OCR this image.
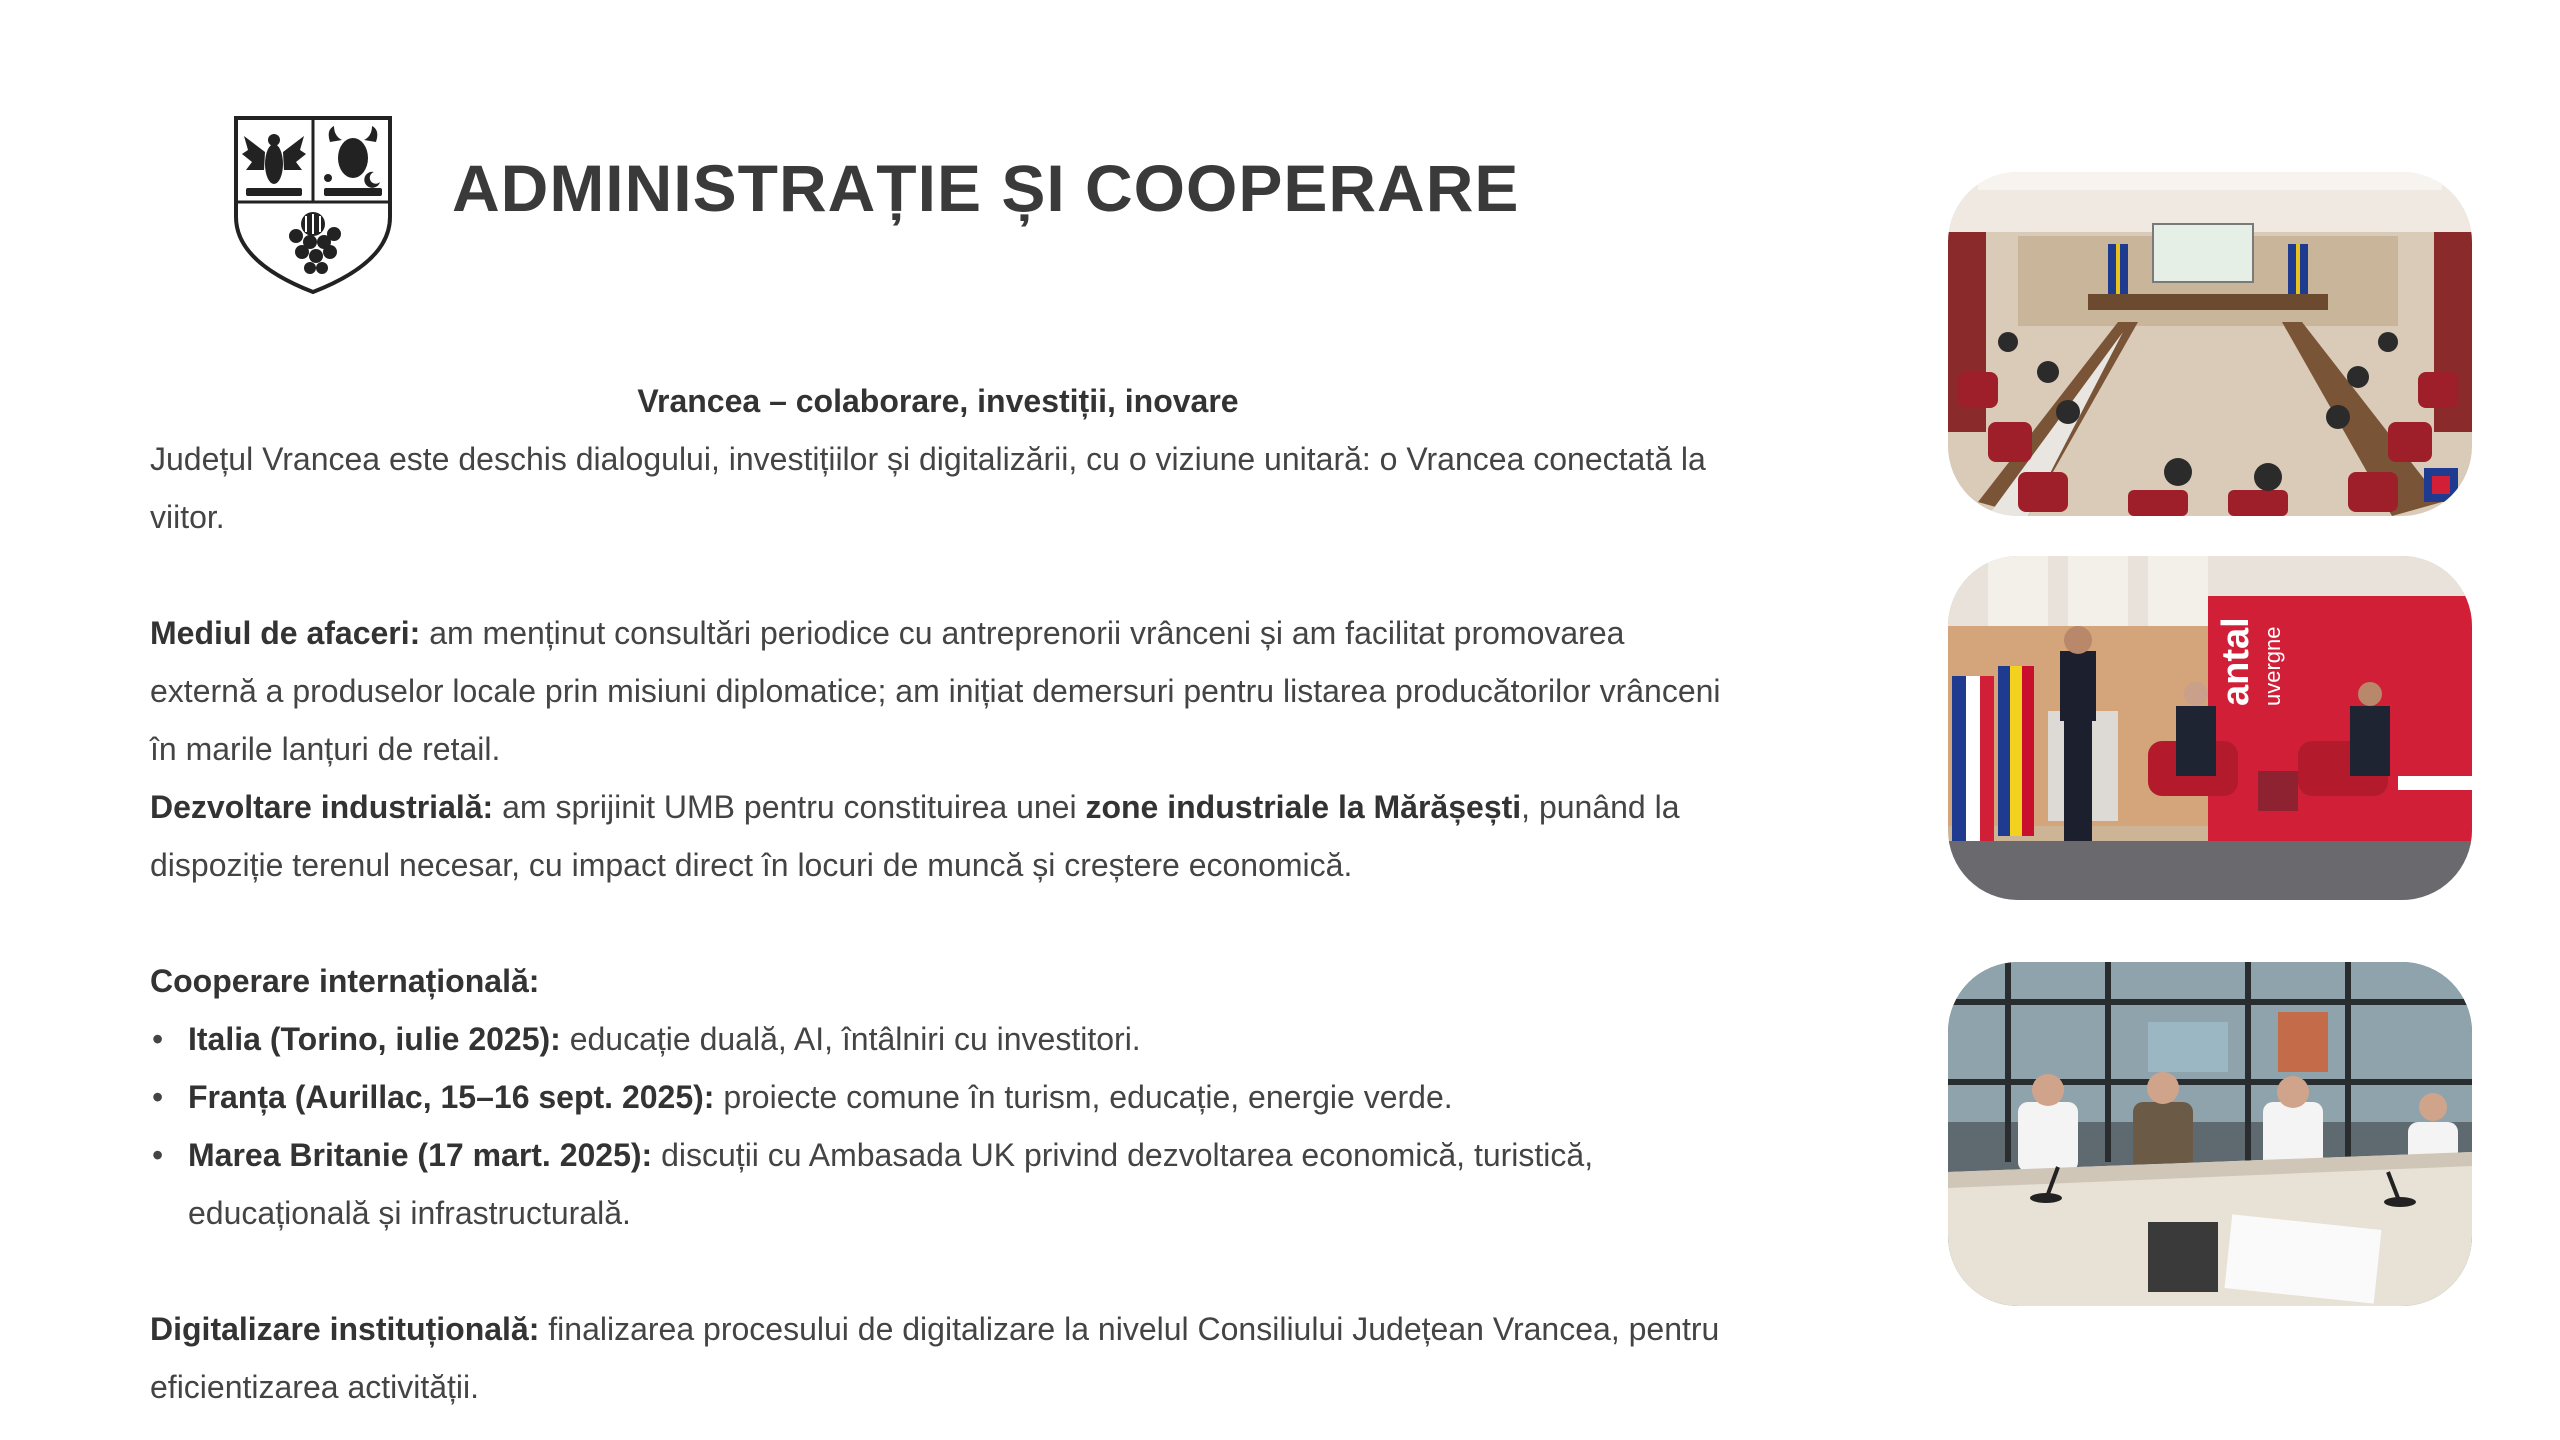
ADMINISTRAȚIE ȘI COOPERARE
Vrancea – colaborare, investiții, inovare

Județul Vrancea este deschis dialogului, investițiilor și digitalizării, cu o viziune unitară: o Vrancea conectată la viitor.

Mediul de afaceri: am menținut consultări periodice cu antreprenorii vrânceni și am facilitat promovarea externă a produselor locale prin misiuni diplomatice; am inițiat demersuri pentru listarea producătorilor vrânceni în marile lanțuri de retail.

Dezvoltare industrială: am sprijinit UMB pentru constituirea unei zone industriale la Mărășești, punând la dispoziție terenul necesar, cu impact direct în locuri de muncă și creștere economică.

Cooperare internațională:

• Italia (Torino, iulie 2025): educație duală, AI, întâlniri cu investitori.
• Franța (Aurillac, 15–16 sept. 2025): proiecte comune în turism, educație, energie verde.
• Marea Britanie (17 mart. 2025): discuții cu Ambasada UK privind dezvoltarea economică, turistică, educațională și infrastructurală.

Digitalizare instituțională: finalizarea procesului de digitalizare la nivelul Consiliului Județean Vrancea, pentru eficientizarea activității.

antal uvergne
